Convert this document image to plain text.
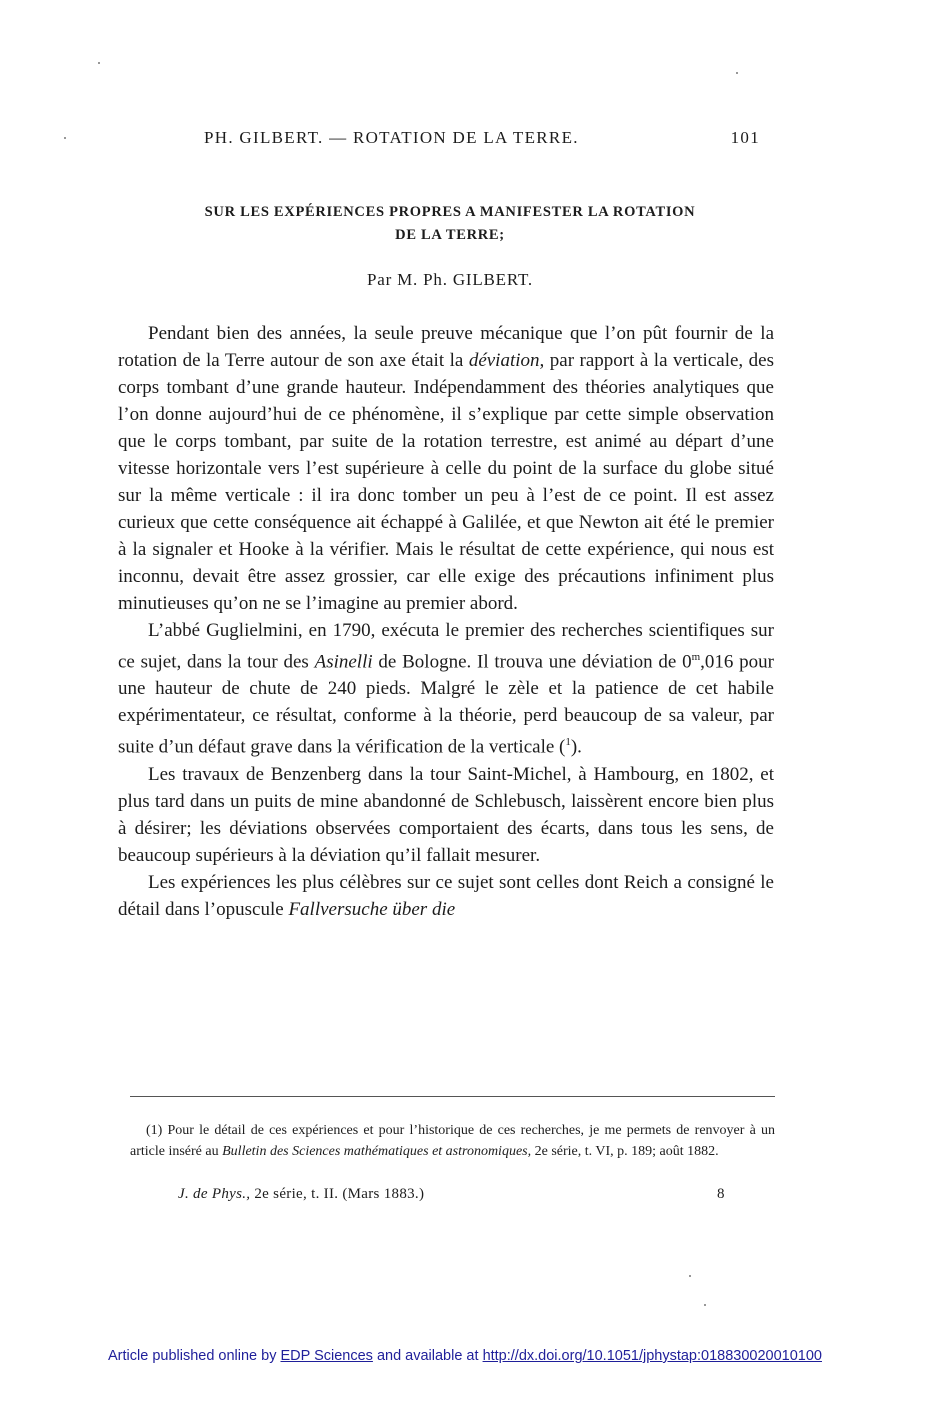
PH. GILBERT. — ROTATION DE LA TERRE.	101
SUR LES EXPÉRIENCES PROPRES A MANIFESTER LA ROTATION
DE LA TERRE;
Par M. Ph. GILBERT.

Pendant bien des années, la seule preuve mécanique que l’on pût fournir de la rotation de la Terre autour de son axe était la déviation, par rapport à la verticale, des corps tombant d’une grande hauteur. Indépendamment des théories analytiques que l’on donne aujourd’hui de ce phénomène, il s’explique par cette simple observation que le corps tombant, par suite de la rotation terrestre, est animé au départ d’une vitesse horizontale vers l’est supérieure à celle du point de la surface du globe situé sur la même verticale : il ira donc tomber un peu à l’est de ce point. Il est assez curieux que cette conséquence ait échappé à Galilée, et que Newton ait été le premier à la signaler et Hooke à la vérifier. Mais le résultat de cette expérience, qui nous est inconnu, devait être assez grossier, car elle exige des précautions infiniment plus minutieuses qu’on ne se l’imagine au premier abord.

L’abbé Guglielmini, en 1790, exécuta le premier des recherches scientifiques sur ce sujet, dans la tour des Asinelli de Bologne. Il trouva une déviation de 0$^m$,016 pour une hauteur de chute de 240 pieds. Malgré le zèle et la patience de cet habile expérimentateur, ce résultat, conforme à la théorie, perd beaucoup de sa valeur, par suite d’un défaut grave dans la vérification de la verticale ($^1$).

Les travaux de Benzenberg dans la tour Saint-Michel, à Hambourg, en 1802, et plus tard dans un puits de mine abandonné de Schlebusch, laissèrent encore bien plus à désirer; les déviations observées comportaient des écarts, dans tous les sens, de beaucoup supérieurs à la déviation qu’il fallait mesurer.

Les expériences les plus célèbres sur ce sujet sont celles dont Reich a consigné le détail dans l’opuscule Fallversuche über die

(1) Pour le détail de ces expériences et pour l’historique de ces recherches, je me permets de renvoyer à un article inséré au Bulletin des Sciences mathématiques et astronomiques, 2e série, t. VI, p. 189; août 1882.

J. de Phys., 2e série, t. II. (Mars 1883.)	8
Article published online by EDP Sciences and available at http://dx.doi.org/10.1051/jphystap:018830020010100
